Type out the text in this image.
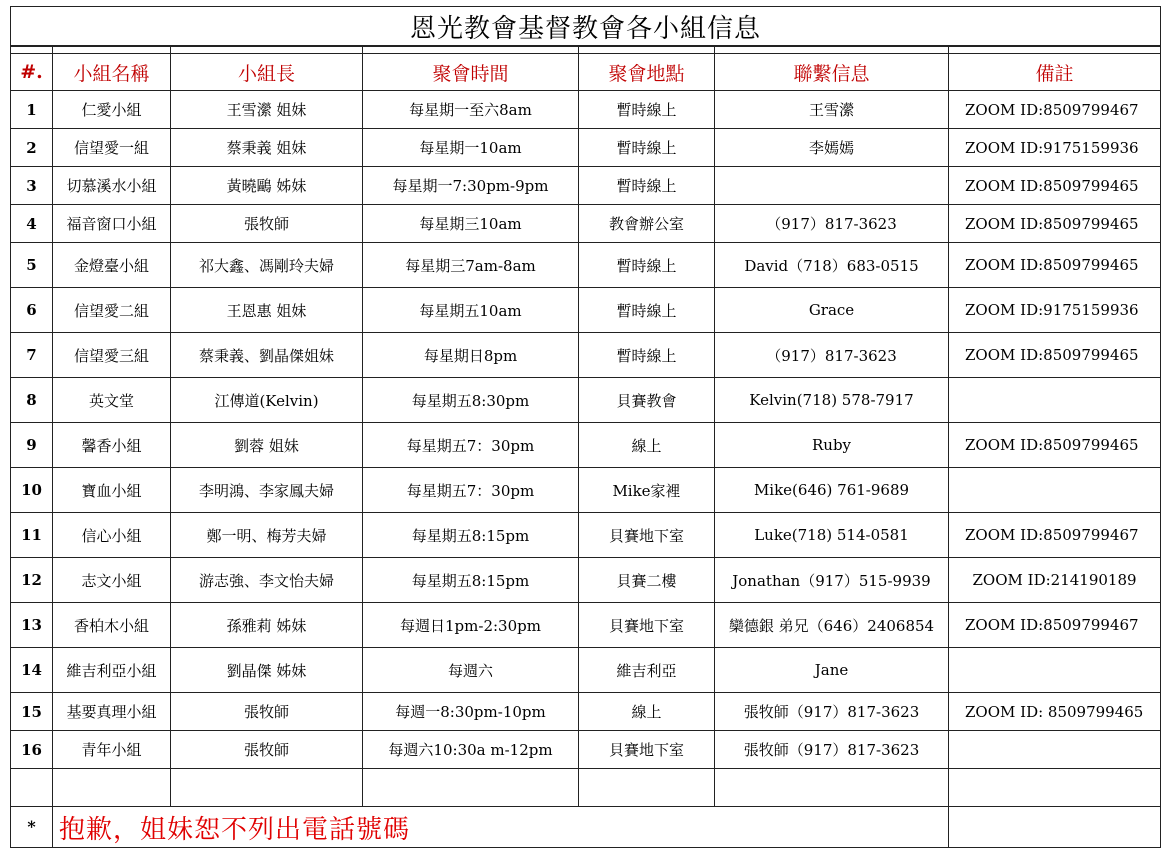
恩光教會基督教會各小組信息						

#.	小組名稱	小組長	聚會時間	聚會地點	聯繫信息	備註
1	仁愛小組	王雪瀠 姐妹	每星期一至六8am	暫時線上	王雪瀠	ZOOM ID:8509799467
2	信望愛一組	蔡秉義 姐妹	每星期一10am	暫時線上	李嫣嫣	ZOOM ID:9175159936
3	切慕溪水小組	黃曉鷗 姊妹	每星期一7:30pm-9pm	暫時線上		ZOOM ID:8509799465
4	福音窗口小組	張牧師	每星期三10am	教會辦公室	（917）817-3623	ZOOM ID:8509799465
5	金燈臺小組	祁大鑫、馮剛玲夫婦	每星期三7am-8am	暫時線上	David（718）683-0515	ZOOM ID:8509799465
6	信望愛二組	王恩惠 姐妹	每星期五10am	暫時線上	Grace	ZOOM ID:9175159936
7	信望愛三組	蔡秉義、劉晶傑姐妹	每星期日8pm	暫時線上	（917）817-3623	ZOOM ID:8509799465
8	英文堂	江傳道(Kelvin)	每星期五8:30pm	貝賽教會	Kelvin(718) 578-7917	
9	馨香小組	劉蓉 姐妹	每星期五7：30pm	線上	Ruby	ZOOM ID:8509799465
10	寶血小組	李明鴻、李家鳳夫婦	每星期五7：30pm	Mike家裡	Mike(646) 761-9689	
11	信心小組	鄭一明、梅芳夫婦	每星期五8:15pm	貝賽地下室	Luke(718) 514-0581	ZOOM ID:8509799467
12	志文小組	游志強、李文怡夫婦	每星期五8:15pm	貝賽二樓	Jonathan（917）515-9939	ZOOM ID:214190189
13	香柏木小組	孫雅莉 姊妹	每週日1pm-2:30pm	貝賽地下室	欒德銀 弟兄（646）2406854	ZOOM ID:8509799467
14	維吉利亞小組	劉晶傑 姊妹	每週六	維吉利亞	Jane	
15	基要真理小組	張牧師	每週一8:30pm-10pm	線上	張牧師（917）817-3623	ZOOM ID: 8509799465
16	青年小組	張牧師	每週六10:30a m-12pm	貝賽地下室	張牧師（917）817-3623	

*	抱歉，姐妹恕不列出電話號碼					
